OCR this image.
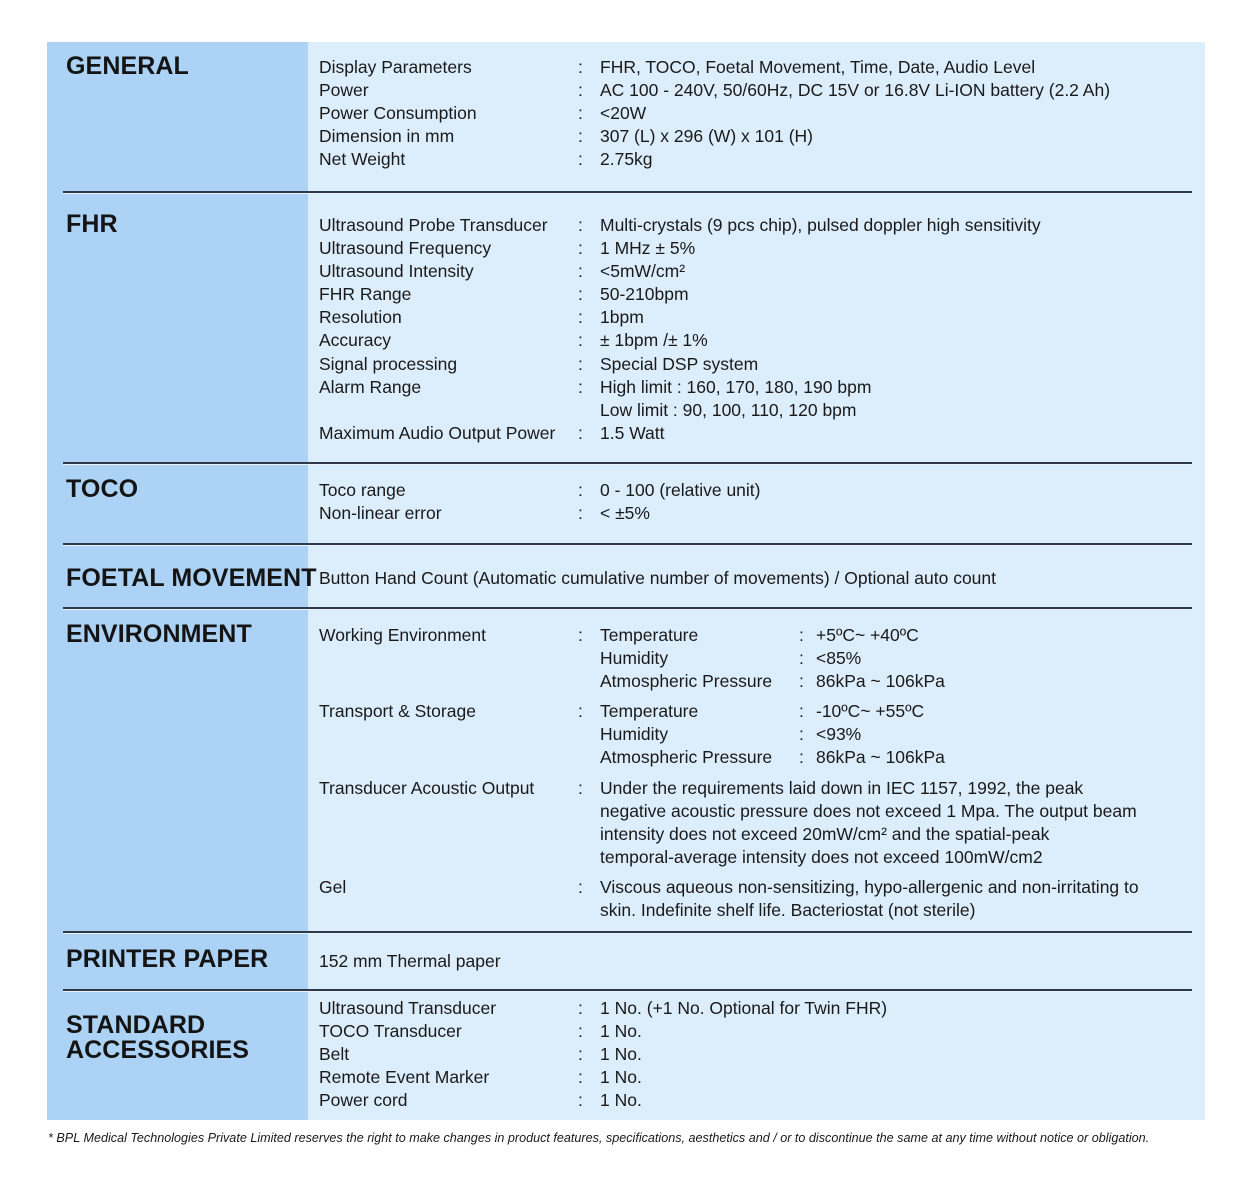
GENERAL	Display Parameters	: FHR, TOCO, Foetal Movement, Time, Date, Audio Level
Power	: AC 100 - 240V, 50/60Hz, DC 15V or 16.8V Li-ION battery (2.2 Ah)
Power Consumption	: <20W
Dimension in mm	: 307 (L) x 296 (W) x 101 (H)
Net Weight	: 2.75kg
FHR	Ultrasound Probe Transducer : Multi-crystals (9 pcs chip), pulsed doppler high sensitivity
Ultrasound Frequency	: 1 MHz ± 5%
Ultrasound Intensity	: <5mW/cm²
FHR Range	: 50-210bpm
Resolution	: 1bpm
Accuracy	: ± 1bpm /± 1%
Signal processing	: Special DSP system
Alarm Range	: High limit : 160, 170, 180, 190 bpm
Low limit : 90, 100, 110, 120 bpm
Maximum Audio Output Power : 1.5 Watt
TOCO	Toco range	: 0 - 100 (relative unit)
Non-linear error	: < ±5%
FOETAL MOVEMENT Button Hand Count (Automatic cumulative number of movements) / Optional auto count
ENVIRONMENT	Working Environment	: Temperature	: +5ºC~ +40ºC
Humidity	: <85%
Atmospheric Pressure : 86kPa ~ 106kPa
Transport & Storage	: Temperature	: -10ºC~ +55ºC
Humidity	: <93%
Atmospheric Pressure : 86kPa ~ 106kPa
Transducer Acoustic Output : Under the requirements laid down in IEC 1157, 1992, the peak
negative acoustic pressure does not exceed 1 Mpa. The output beam
intensity does not exceed 20mW/cm² and the spatial-peak
temporal-average intensity does not exceed 100mW/cm2
Gel	: Viscous aqueous non-sensitizing, hypo-allergenic and non-irritating to
skin. Indefinite shelf life. Bacteriostat (not sterile)
PRINTER PAPER	152 mm Thermal paper
STANDARD
ACCESSORIES
Ultrasound Transducer	: 1 No. (+1 No. Optional for Twin FHR)
TOCO Transducer	: 1 No.
Belt	: 1 No.
Remote Event Marker	: 1 No.
Power cord	: 1 No.
* BPL Medical Technologies Private Limited reserves the right to make changes in product features, specifications, aesthetics and / or to discontinue the same at any time without notice or obligation.
